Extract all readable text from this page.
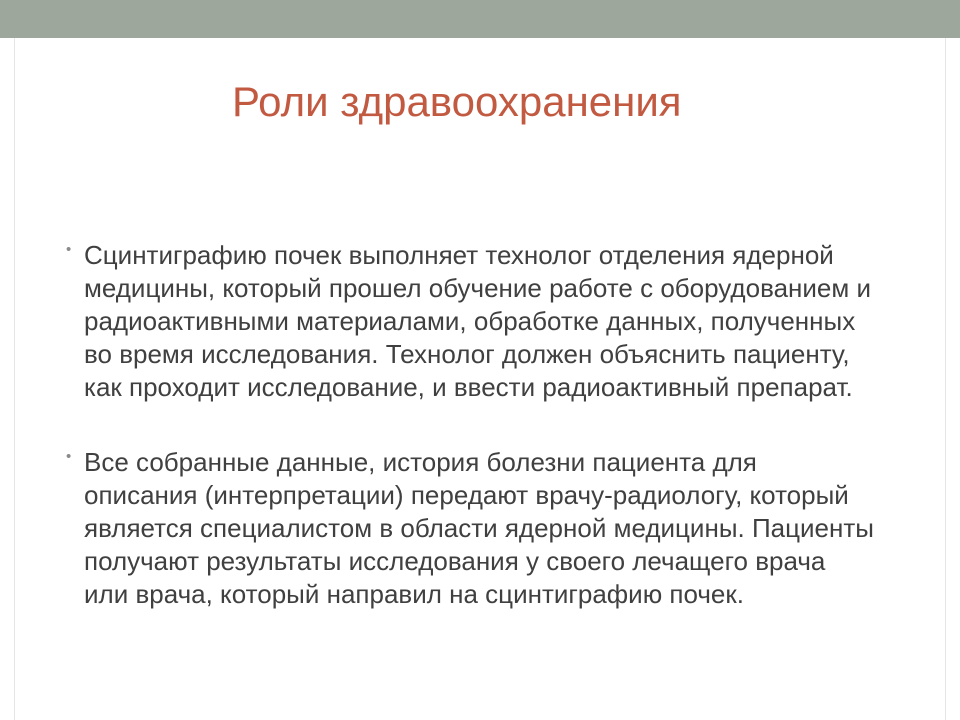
Роли здравоохранения
• Сцинтиграфию почек выполняет технолог отделения ядерной
медицины, который прошел обучение работе с оборудованием и
радиоактивными материалами, обработке данных, полученных
во время исследования. Технолог должен объяснить пациенту,
как проходит исследование, и ввести радиоактивный препарат.
• Все собранные данные, история болезни пациента для
описания (интерпретации) передают врачу-радиологу, который
является специалистом в области ядерной медицины. Пациенты
получают результаты исследования у своего лечащего врача
или врача, который направил на сцинтиграфию почек.
